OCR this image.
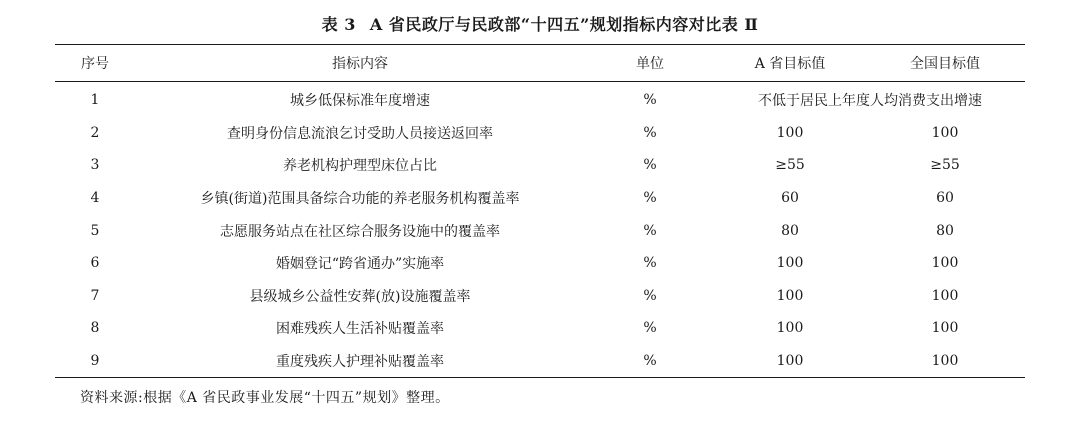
表 3 A 省民政厅与民政部“十四五”规划指标内容对比表 Ⅱ
序号	指标内容	单位	A 省目标值	全国目标值
1	城乡低保标准年度增速	%	不低于居民上年度人均消费支出增速	
2	查明身份信息流浪乞讨受助人员接送返回率	%	100	100
3	养老机构护理型床位占比	%	≥55	≥55
4	乡镇(街道)范围具备综合功能的养老服务机构覆盖率	%	60	60
5	志愿服务站点在社区综合服务设施中的覆盖率	%	80	80
6	婚姻登记“跨省通办”实施率	%	100	100
7	县级城乡公益性安葬(放)设施覆盖率	%	100	100
8	困难残疾人生活补贴覆盖率	%	100	100
9	重度残疾人护理补贴覆盖率	%	100	100
资料来源:根据《A 省民政事业发展“十四五”规划》整理。
